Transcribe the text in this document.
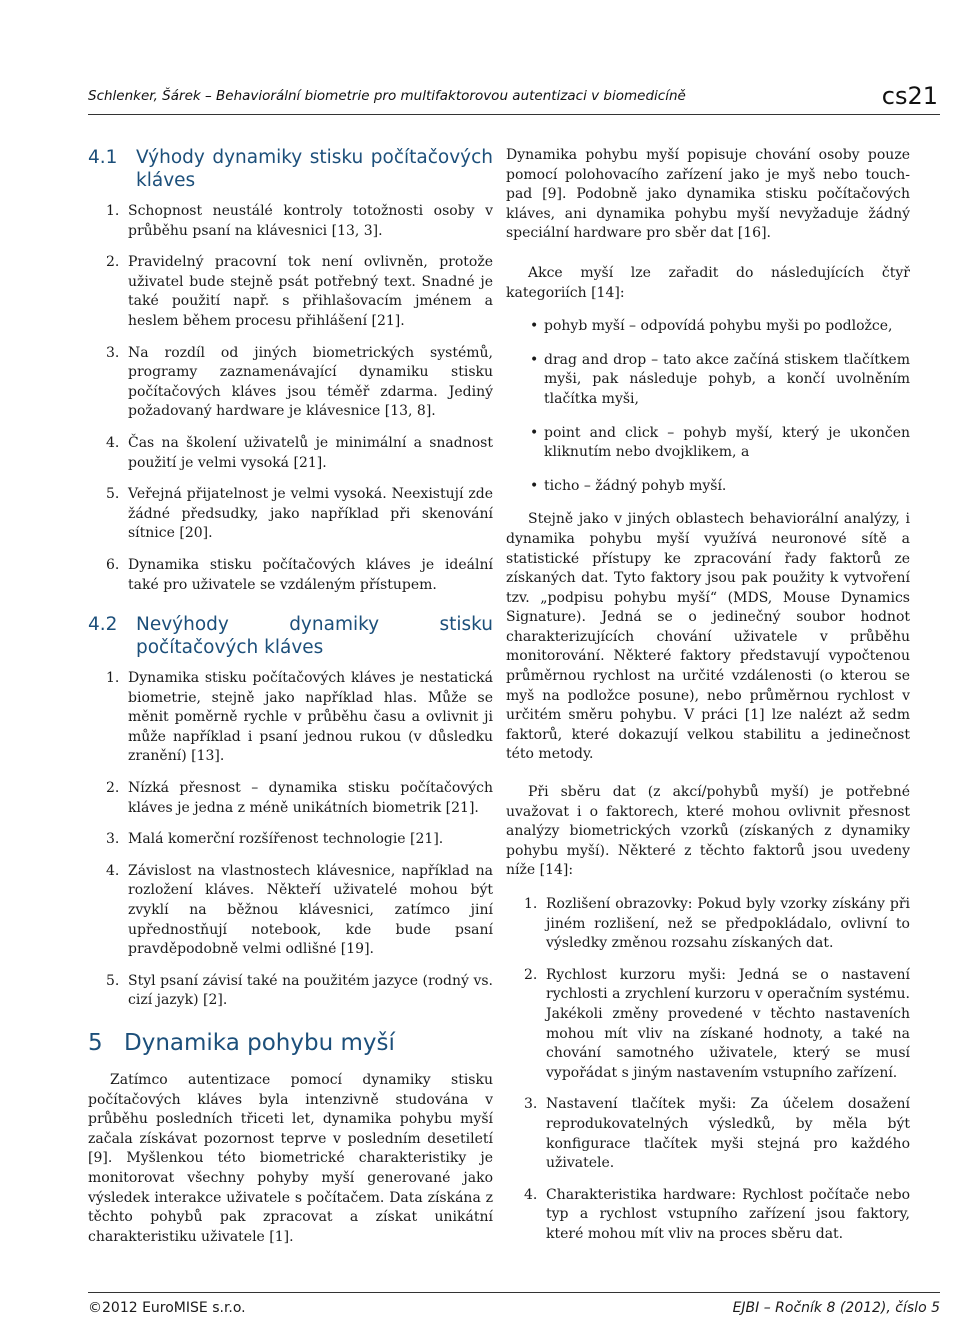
Schlenker, Šárek – Behaviorální biometrie pro multifaktorovou autentizaci v biomedicíně	cs21
4.1	Výhody dynamiky stisku počítačových kláves
1. Schopnost neustálé kontroly totožnosti osoby v průběhu psaní na klávesnici [13, 3].
2. Pravidelný pracovní tok není ovlivněn, protože uživatel bude stejně psát potřebný text. Snadné je také použití např. s přihlašovacím jménem a heslem během procesu přihlášení [21].
3. Na rozdíl od jiných biometrických systémů, programy zaznamenávající dynamiku stisku počítačových kláves jsou téměř zdarma. Jediný požadovaný hardware je klávesnice [13, 8].
4. Čas na školení uživatelů je minimální a snadnost použití je velmi vysoká [21].
5. Veřejná přijatelnost je velmi vysoká. Neexistují zde žádné předsudky, jako například při skenování sítnice [20].
6. Dynamika stisku počítačových kláves je ideální také pro uživatele se vzdáleným přístupem.
4.2	Nevýhody dynamiky stisku počítačových kláves
1. Dynamika stisku počítačových kláves je nestatická biometrie, stejně jako například hlas. Může se měnit poměrně rychle v průběhu času a ovlivnit ji může například i psaní jednou rukou (v důsledku zranění) [13].
2. Nízká přesnost – dynamika stisku počítačových kláves je jedna z méně unikátních biometrik [21].
3. Malá komerční rozšířenost technologie [21].
4. Závislost na vlastnostech klávesnice, například na rozložení kláves. Někteří uživatelé mohou být zvyklí na běžnou klávesnici, zatímco jiní upřednostňují notebook, kde bude psaní pravděpodobně velmi odlišné [19].
5. Styl psaní závisí také na použitém jazyce (rodný vs. cizí jazyk) [2].
5 Dynamika pohybu myší

Zatímco autentizace pomocí dynamiky stisku počítačových kláves byla intenzivně studována v průběhu posledních třiceti let, dynamika pohybu myší začala získávat pozornost teprve v posledním desetiletí [9]. Myšlenkou této biometrické charakteristiky je monitorovat všechny pohyby myší generované jako výsledek interakce uživatele s počítačem. Data získána z těchto pohybů pak zpracovat a získat unikátní charakteristiku uživatele [1].

Dynamika pohybu myší popisuje chování osoby pouze pomocí polohovacího zařízení jako je myš nebo touch-pad [9]. Podobně jako dynamika stisku počítačových kláves, ani dynamika pohybu myší nevyžaduje žádný speciální hardware pro sběr dat [16].

Akce myší lze zařadit do následujících čtyř kategoriích [14]:

• pohyb myší – odpovídá pohybu myši po podložce,
• drag and drop – tato akce začíná stiskem tlačítkem myši, pak následuje pohyb, a končí uvolněním tlačítka myši,
• point and click – pohyb myší, který je ukončen kliknutím nebo dvojklikem, a
• ticho – žádný pohyb myší.

Stejně jako v jiných oblastech behaviorální analýzy, i dynamika pohybu myší využívá neuronové sítě a statistické přístupy ke zpracování řady faktorů ze získaných dat. Tyto faktory jsou pak použity k vytvoření tzv. „podpisu pohybu myší“ (MDS, Mouse Dynamics Signature). Jedná se o jedinečný soubor hodnot charakterizujících chování uživatele v průběhu monitorování. Některé faktory představují vypočtenou průměrnou rychlost na určité vzdálenosti (o kterou se myš na podložce posune), nebo průměrnou rychlost v určitém směru pohybu. V práci [1] lze nalézt až sedm faktorů, které dokazují velkou stabilitu a jedinečnost této metody.

Při sběru dat (z akcí/pohybů myší) je potřebné uvažovat i o faktorech, které mohou ovlivnit přesnost analýzy biometrických vzorků (získaných z dynamiky pohybu myší). Některé z těchto faktorů jsou uvedeny níže [14]:

1. Rozlišení obrazovky: Pokud byly vzorky získány při jiném rozlišení, než se předpokládalo, ovlivní to výsledky změnou rozsahu získaných dat.
2. Rychlost kurzoru myši: Jedná se o nastavení rychlosti a zrychlení kurzoru v operačním systému. Jakékoli změny provedené v těchto nastaveních mohou mít vliv na získané hodnoty, a také na chování samotného uživatele, který se musí vypořádat s jiným nastavením vstupního zařízení.
3. Nastavení tlačítek myši: Za účelem dosažení reprodukovatelných výsledků, by měla být konfigurace tlačítek myši stejná pro každého uživatele.
4. Charakteristika hardware: Rychlost počítače nebo typ a rychlost vstupního zařízení jsou faktory, které mohou mít vliv na proces sběru dat.
©2012 EuroMISE s.r.o.	EJBI – Ročník 8 (2012), číslo 5
